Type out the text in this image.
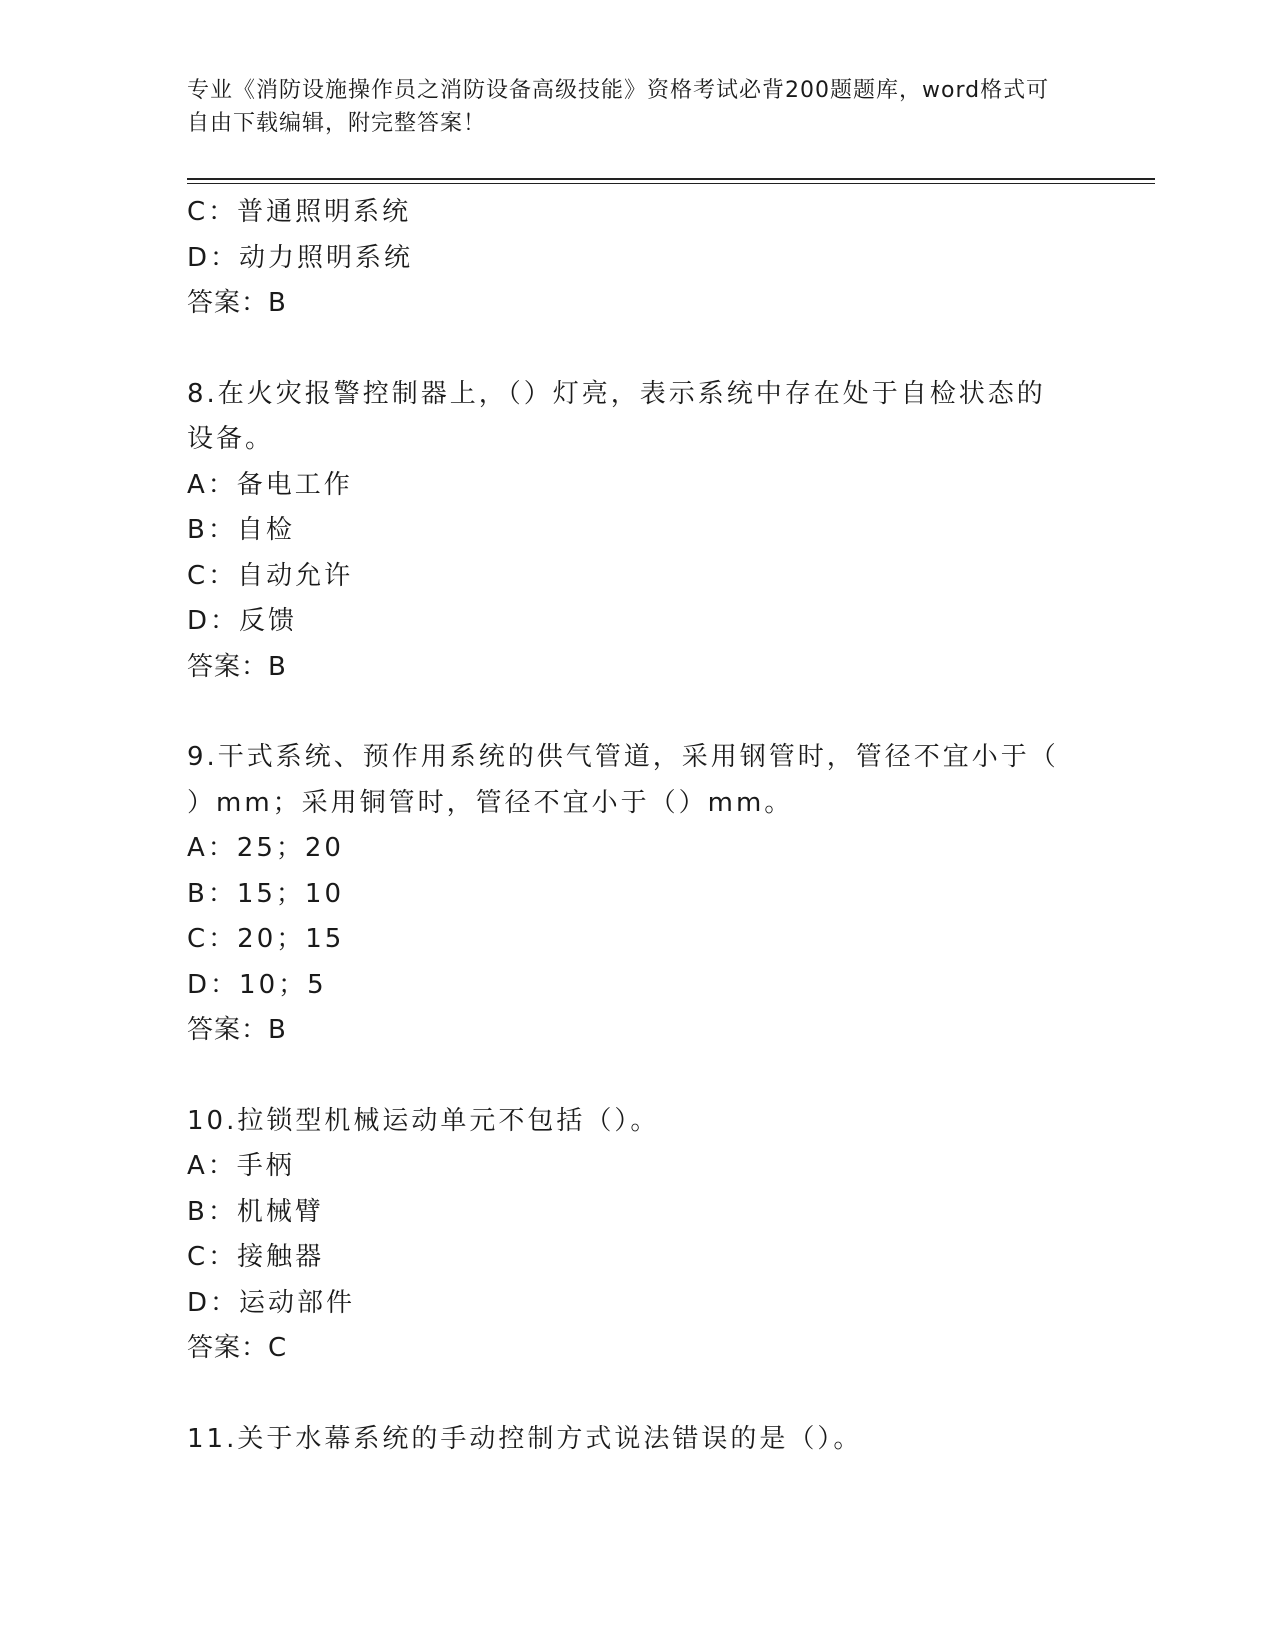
专业《消防设施操作员之消防设备高级技能》资格考试必背200题题库，word格式可自由下载编辑，附完整答案！
C：普通照明系统
D：动力照明系统
答案：B
8.在火灾报警控制器上，（）灯亮，表示系统中存在处于自检状态的
设备。
A：备电工作
B：自检
C：自动允许
D：反馈
答案：B
9.干式系统、预作用系统的供气管道，采用钢管时，管径不宜小于（
）mm；采用铜管时，管径不宜小于（）mm。
A：25；20
B：15；10
C：20；15
D：10；5
答案：B
10.拉锁型机械运动单元不包括（）。
A：手柄
B：机械臂
C：接触器
D：运动部件
答案：C
11.关于水幕系统的手动控制方式说法错误的是（）。
